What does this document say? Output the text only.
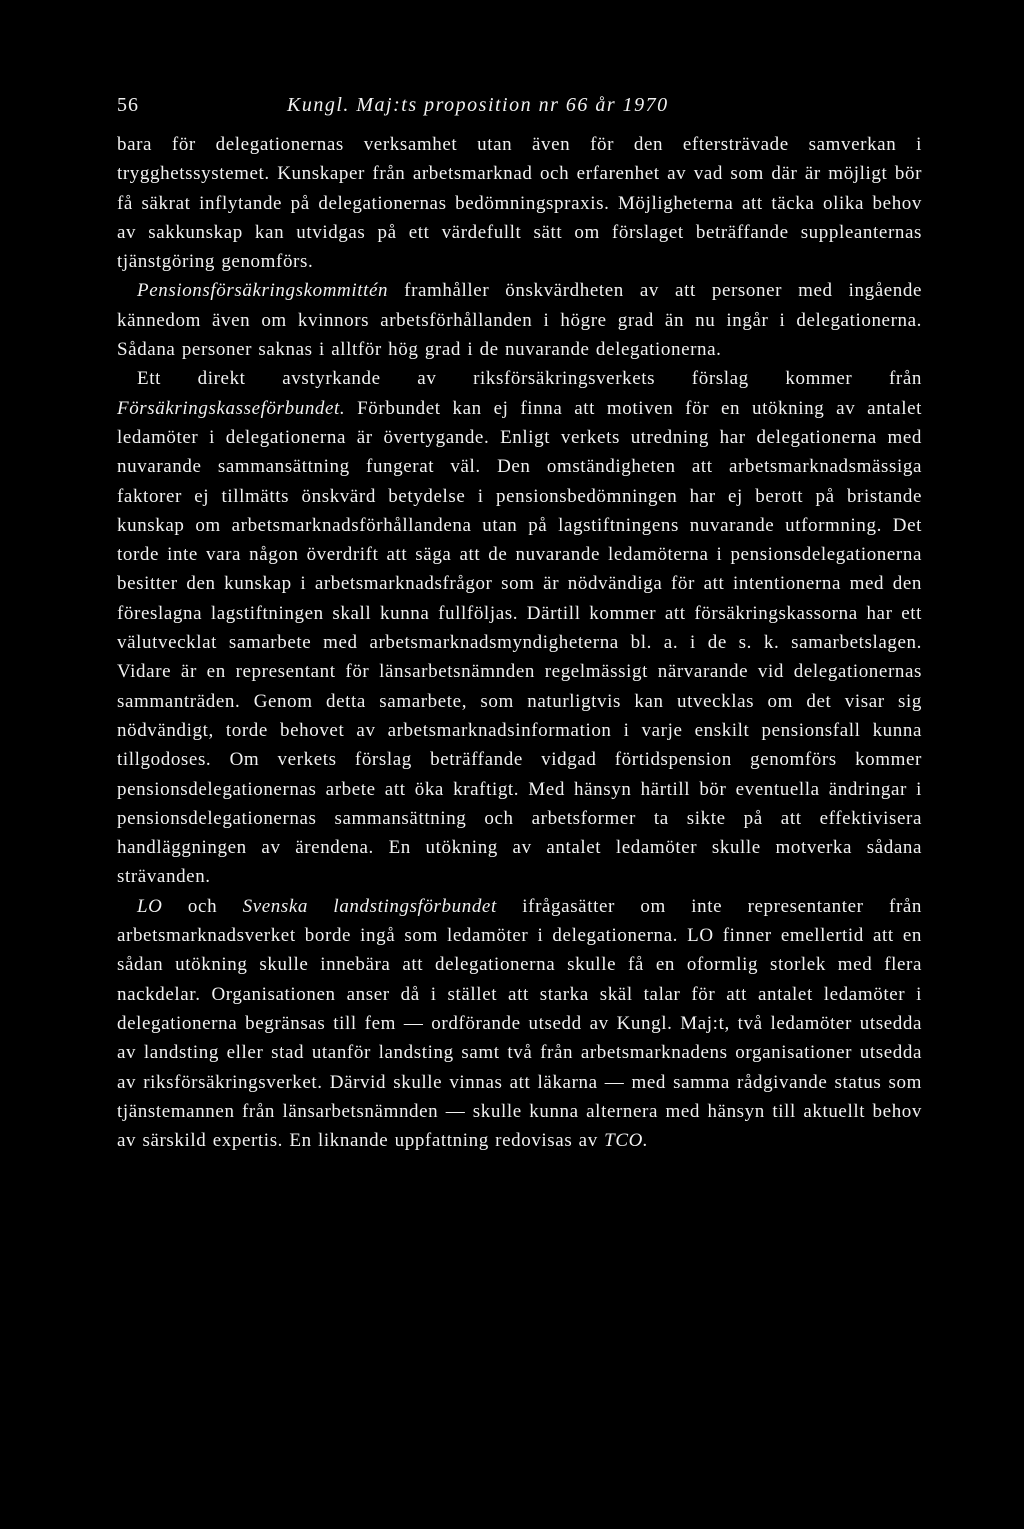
56	Kungl. Maj:ts proposition nr 66 år 1970

bara för delegationernas verksamhet utan även för den eftersträvade samverkan i trygghetssystemet. Kunskaper från arbetsmarknad och erfarenhet av vad som där är möjligt bör få säkrat inflytande på delegationernas bedömningspraxis. Möjligheterna att täcka olika behov av sakkunskap kan utvidgas på ett värdefullt sätt om förslaget beträffande suppleanternas tjänstgöring genomförs.

Pensionsförsäkringskommittén framhåller önskvärdheten av att personer med ingående kännedom även om kvinnors arbetsförhållanden i högre grad än nu ingår i delegationerna. Sådana personer saknas i alltför hög grad i de nuvarande delegationerna.

Ett direkt avstyrkande av riksförsäkringsverkets förslag kommer från Försäkringskasseförbundet. Förbundet kan ej finna att motiven för en utökning av antalet ledamöter i delegationerna är övertygande. Enligt verkets utredning har delegationerna med nuvarande sammansättning fungerat väl. Den omständigheten att arbetsmarknadsmässiga faktorer ej tillmätts önskvärd betydelse i pensionsbedömningen har ej berott på bristande kunskap om arbetsmarknadsförhållandena utan på lagstiftningens nuvarande utformning. Det torde inte vara någon överdrift att säga att de nuvarande ledamöterna i pensionsdelegationerna besitter den kunskap i arbetsmarknadsfrågor som är nödvändiga för att intentionerna med den föreslagna lagstiftningen skall kunna fullföljas. Därtill kommer att försäkringskassorna har ett välutvecklat samarbete med arbetsmarknadsmyndigheterna bl. a. i de s. k. samarbetslagen. Vidare är en representant för länsarbetsnämnden regelmässigt närvarande vid delegationernas sammanträden. Genom detta samarbete, som naturligtvis kan utvecklas om det visar sig nödvändigt, torde behovet av arbetsmarknadsinformation i varje enskilt pensionsfall kunna tillgodoses. Om verkets förslag beträffande vidgad förtidspension genomförs kommer pensionsdelegationernas arbete att öka kraftigt. Med hänsyn härtill bör eventuella ändringar i pensionsdelegationernas sammansättning och arbetsformer ta sikte på att effektivisera handläggningen av ärendena. En utökning av antalet ledamöter skulle motverka sådana strävanden.

LO och Svenska landstingsförbundet ifrågasätter om inte representanter från arbetsmarknadsverket borde ingå som ledamöter i delegationerna. LO finner emellertid att en sådan utökning skulle innebära att delegationerna skulle få en oformlig storlek med flera nackdelar. Organisationen anser då i stället att starka skäl talar för att antalet ledamöter i delegationerna begränsas till fem — ordförande utsedd av Kungl. Maj:t, två ledamöter utsedda av landsting eller stad utanför landsting samt två från arbetsmarknadens organisationer utsedda av riksförsäkringsverket. Därvid skulle vinnas att läkarna — med samma rådgivande status som tjänstemannen från länsarbetsnämnden — skulle kunna alternera med hänsyn till aktuellt behov av särskild expertis. En liknande uppfattning redovisas av TCO.
